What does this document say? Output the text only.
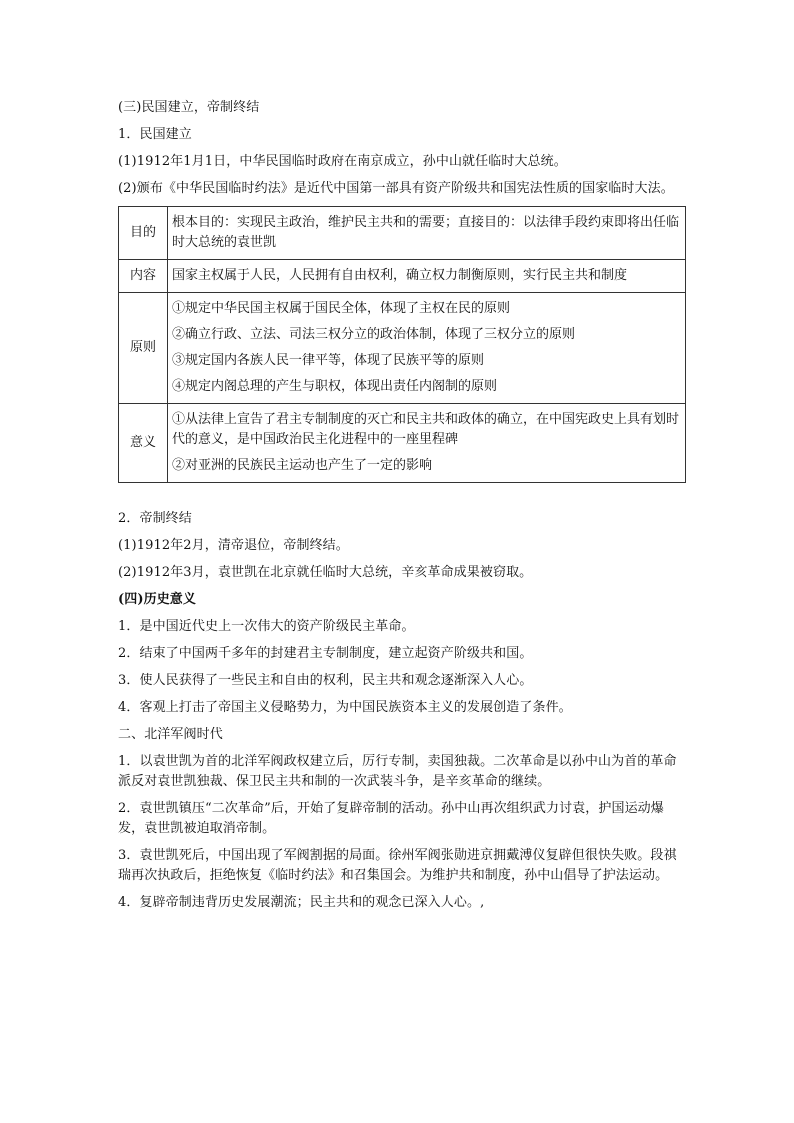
(三)民国建立，帝制终结

1．民国建立

(1)1912年1月1日，中华民国临时政府在南京成立，孙中山就任临时大总统。

(2)颁布《中华民国临时约法》是近代中国第一部具有资产阶级共和国宪法性质的国家临时大法。

目的	根本目的：实现民主政治，维护民主共和的需要；直接目的：以法律手段约束即将出任临时大总统的袁世凯

内容	国家主权属于人民，人民拥有自由权利，确立权力制衡原则，实行民主共和制度

原则	①规定中华民国主权属于国民全体，体现了主权在民的原则
②确立行政、立法、司法三权分立的政治体制，体现了三权分立的原则
③规定国内各族人民一律平等，体现了民族平等的原则
④规定内阁总理的产生与职权，体现出责任内阁制的原则

意义	①从法律上宣告了君主专制制度的灭亡和民主共和政体的确立，在中国宪政史上具有划时代的意义，是中国政治民主化进程中的一座里程碑
②对亚洲的民族民主运动也产生了一定的影响

2．帝制终结

(1)1912年2月，清帝退位，帝制终结。

(2)1912年3月，袁世凯在北京就任临时大总统，辛亥革命成果被窃取。

(四)历史意义

1．是中国近代史上一次伟大的资产阶级民主革命。

2．结束了中国两千多年的封建君主专制制度，建立起资产阶级共和国。

3．使人民获得了一些民主和自由的权利，民主共和观念逐渐深入人心。

4．客观上打击了帝国主义侵略势力，为中国民族资本主义的发展创造了条件。

二、北洋军阀时代

1．以袁世凯为首的北洋军阀政权建立后，厉行专制，卖国独裁。二次革命是以孙中山为首的革命派反对袁世凯独裁、保卫民主共和制的一次武装斗争，是辛亥革命的继续。

2．袁世凯镇压“二次革命”后，开始了复辟帝制的活动。孙中山再次组织武力讨袁，护国运动爆发，袁世凯被迫取消帝制。

3．袁世凯死后，中国出现了军阀割据的局面。徐州军阀张勋进京拥戴溥仪复辟但很快失败。段祺瑞再次执政后，拒绝恢复《临时约法》和召集国会。为维护共和制度，孙中山倡导了护法运动。

4．复辟帝制违背历史发展潮流；民主共和的观念已深入人心。,
